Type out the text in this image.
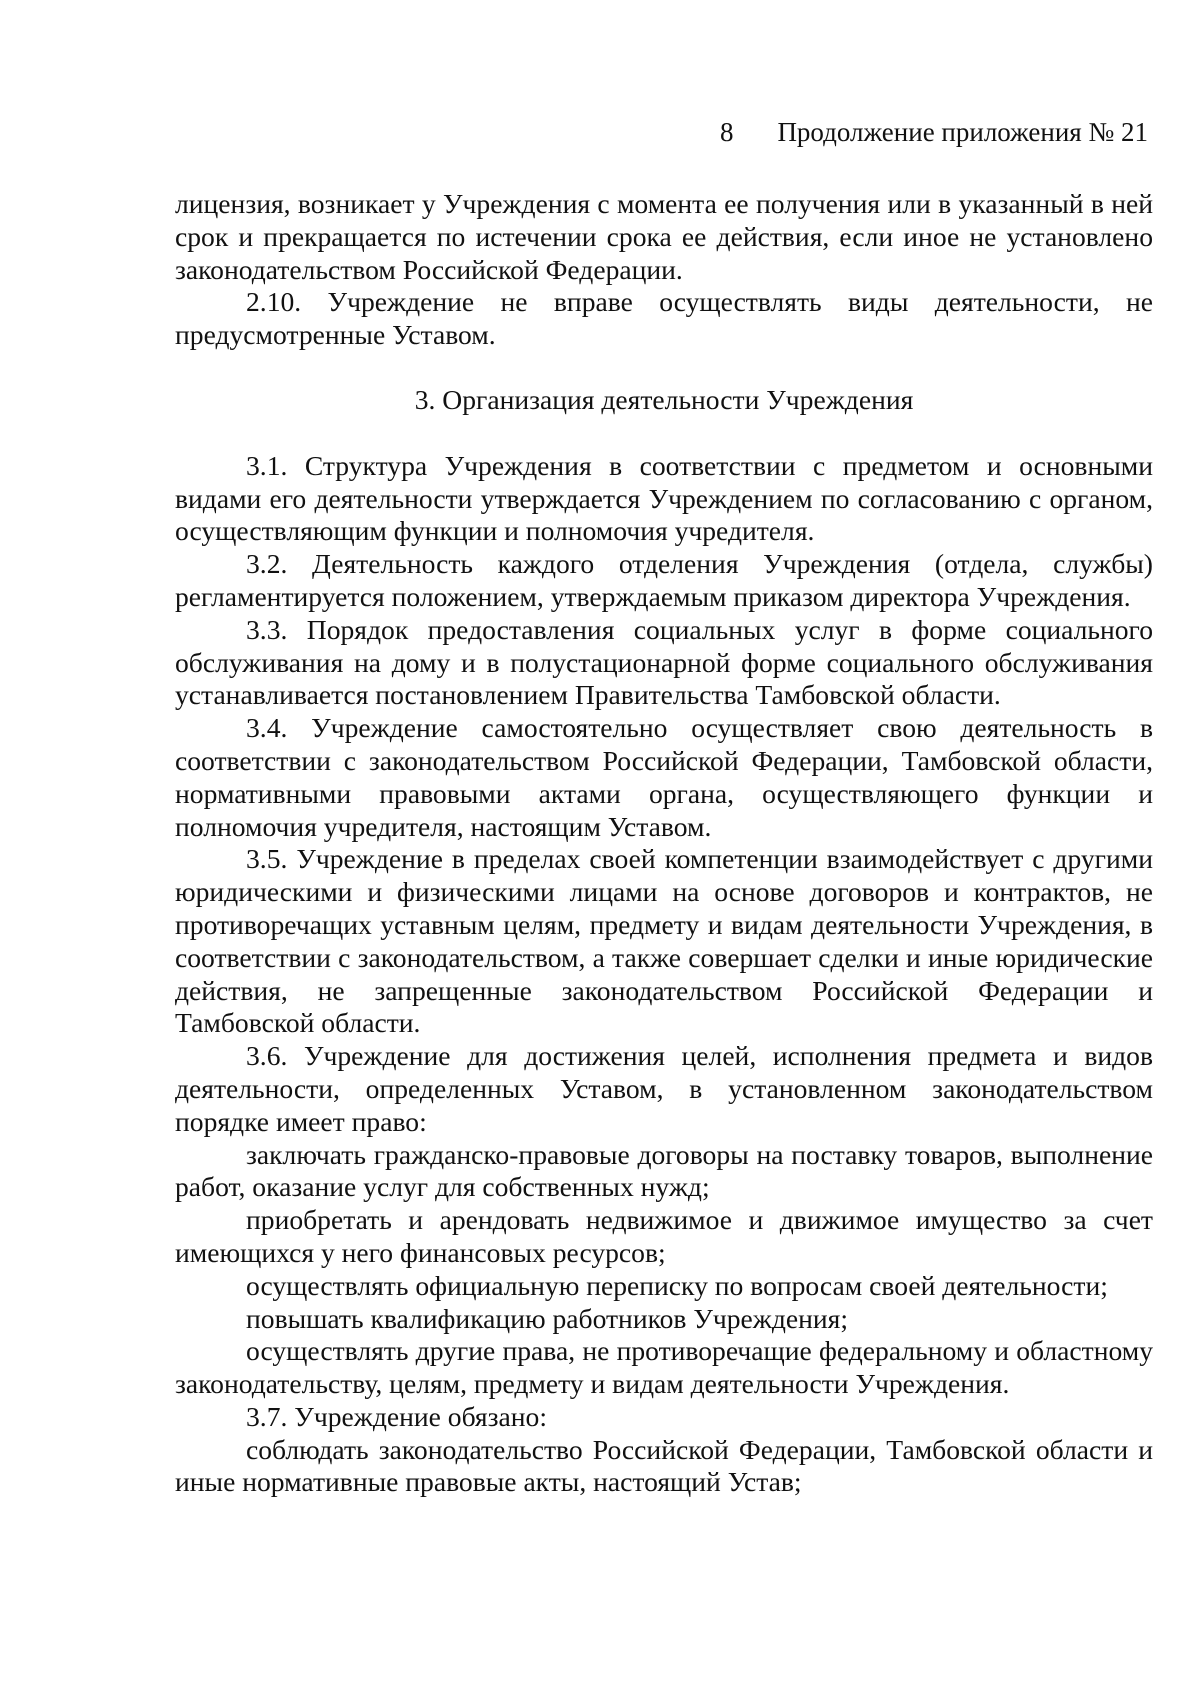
8 Продолжение приложения № 21

лицензия, возникает у Учреждения с момента ее получения или в указанный в ней срок и прекращается по истечении срока ее действия, если иное не установлено законодательством Российской Федерации.

2.10. Учреждение не вправе осуществлять виды деятельности, не предусмотренные Уставом.

3. Организация деятельности Учреждения

3.1. Структура Учреждения в соответствии с предметом и основными видами его деятельности утверждается Учреждением по согласованию с органом, осуществляющим функции и полномочия учредителя.

3.2. Деятельность каждого отделения Учреждения (отдела, службы) регламентируется положением, утверждаемым приказом директора Учреждения.

3.3. Порядок предоставления социальных услуг в форме социального обслуживания на дому и в полустационарной форме социального обслуживания устанавливается постановлением Правительства Тамбовской области.

3.4. Учреждение самостоятельно осуществляет свою деятельность в соответствии с законодательством Российской Федерации, Тамбовской области, нормативными правовыми актами органа, осуществляющего функции и полномочия учредителя, настоящим Уставом.

3.5. Учреждение в пределах своей компетенции взаимодействует с другими юридическими и физическими лицами на основе договоров и контрактов, не противоречащих уставным целям, предмету и видам деятельности Учреждения, в соответствии с законодательством, а также совершает сделки и иные юридические действия, не запрещенные законодательством Российской Федерации и Тамбовской области.

3.6. Учреждение для достижения целей, исполнения предмета и видов деятельности, определенных Уставом, в установленном законодательством порядке имеет право:

заключать гражданско-правовые договоры на поставку товаров, выполнение работ, оказание услуг для собственных нужд;

приобретать и арендовать недвижимое и движимое имущество за счет имеющихся у него финансовых ресурсов;

осуществлять официальную переписку по вопросам своей деятельности;

повышать квалификацию работников Учреждения;

осуществлять другие права, не противоречащие федеральному и областному законодательству, целям, предмету и видам деятельности Учреждения.

3.7. Учреждение обязано:

соблюдать законодательство Российской Федерации, Тамбовской области и иные нормативные правовые акты, настоящий Устав;
